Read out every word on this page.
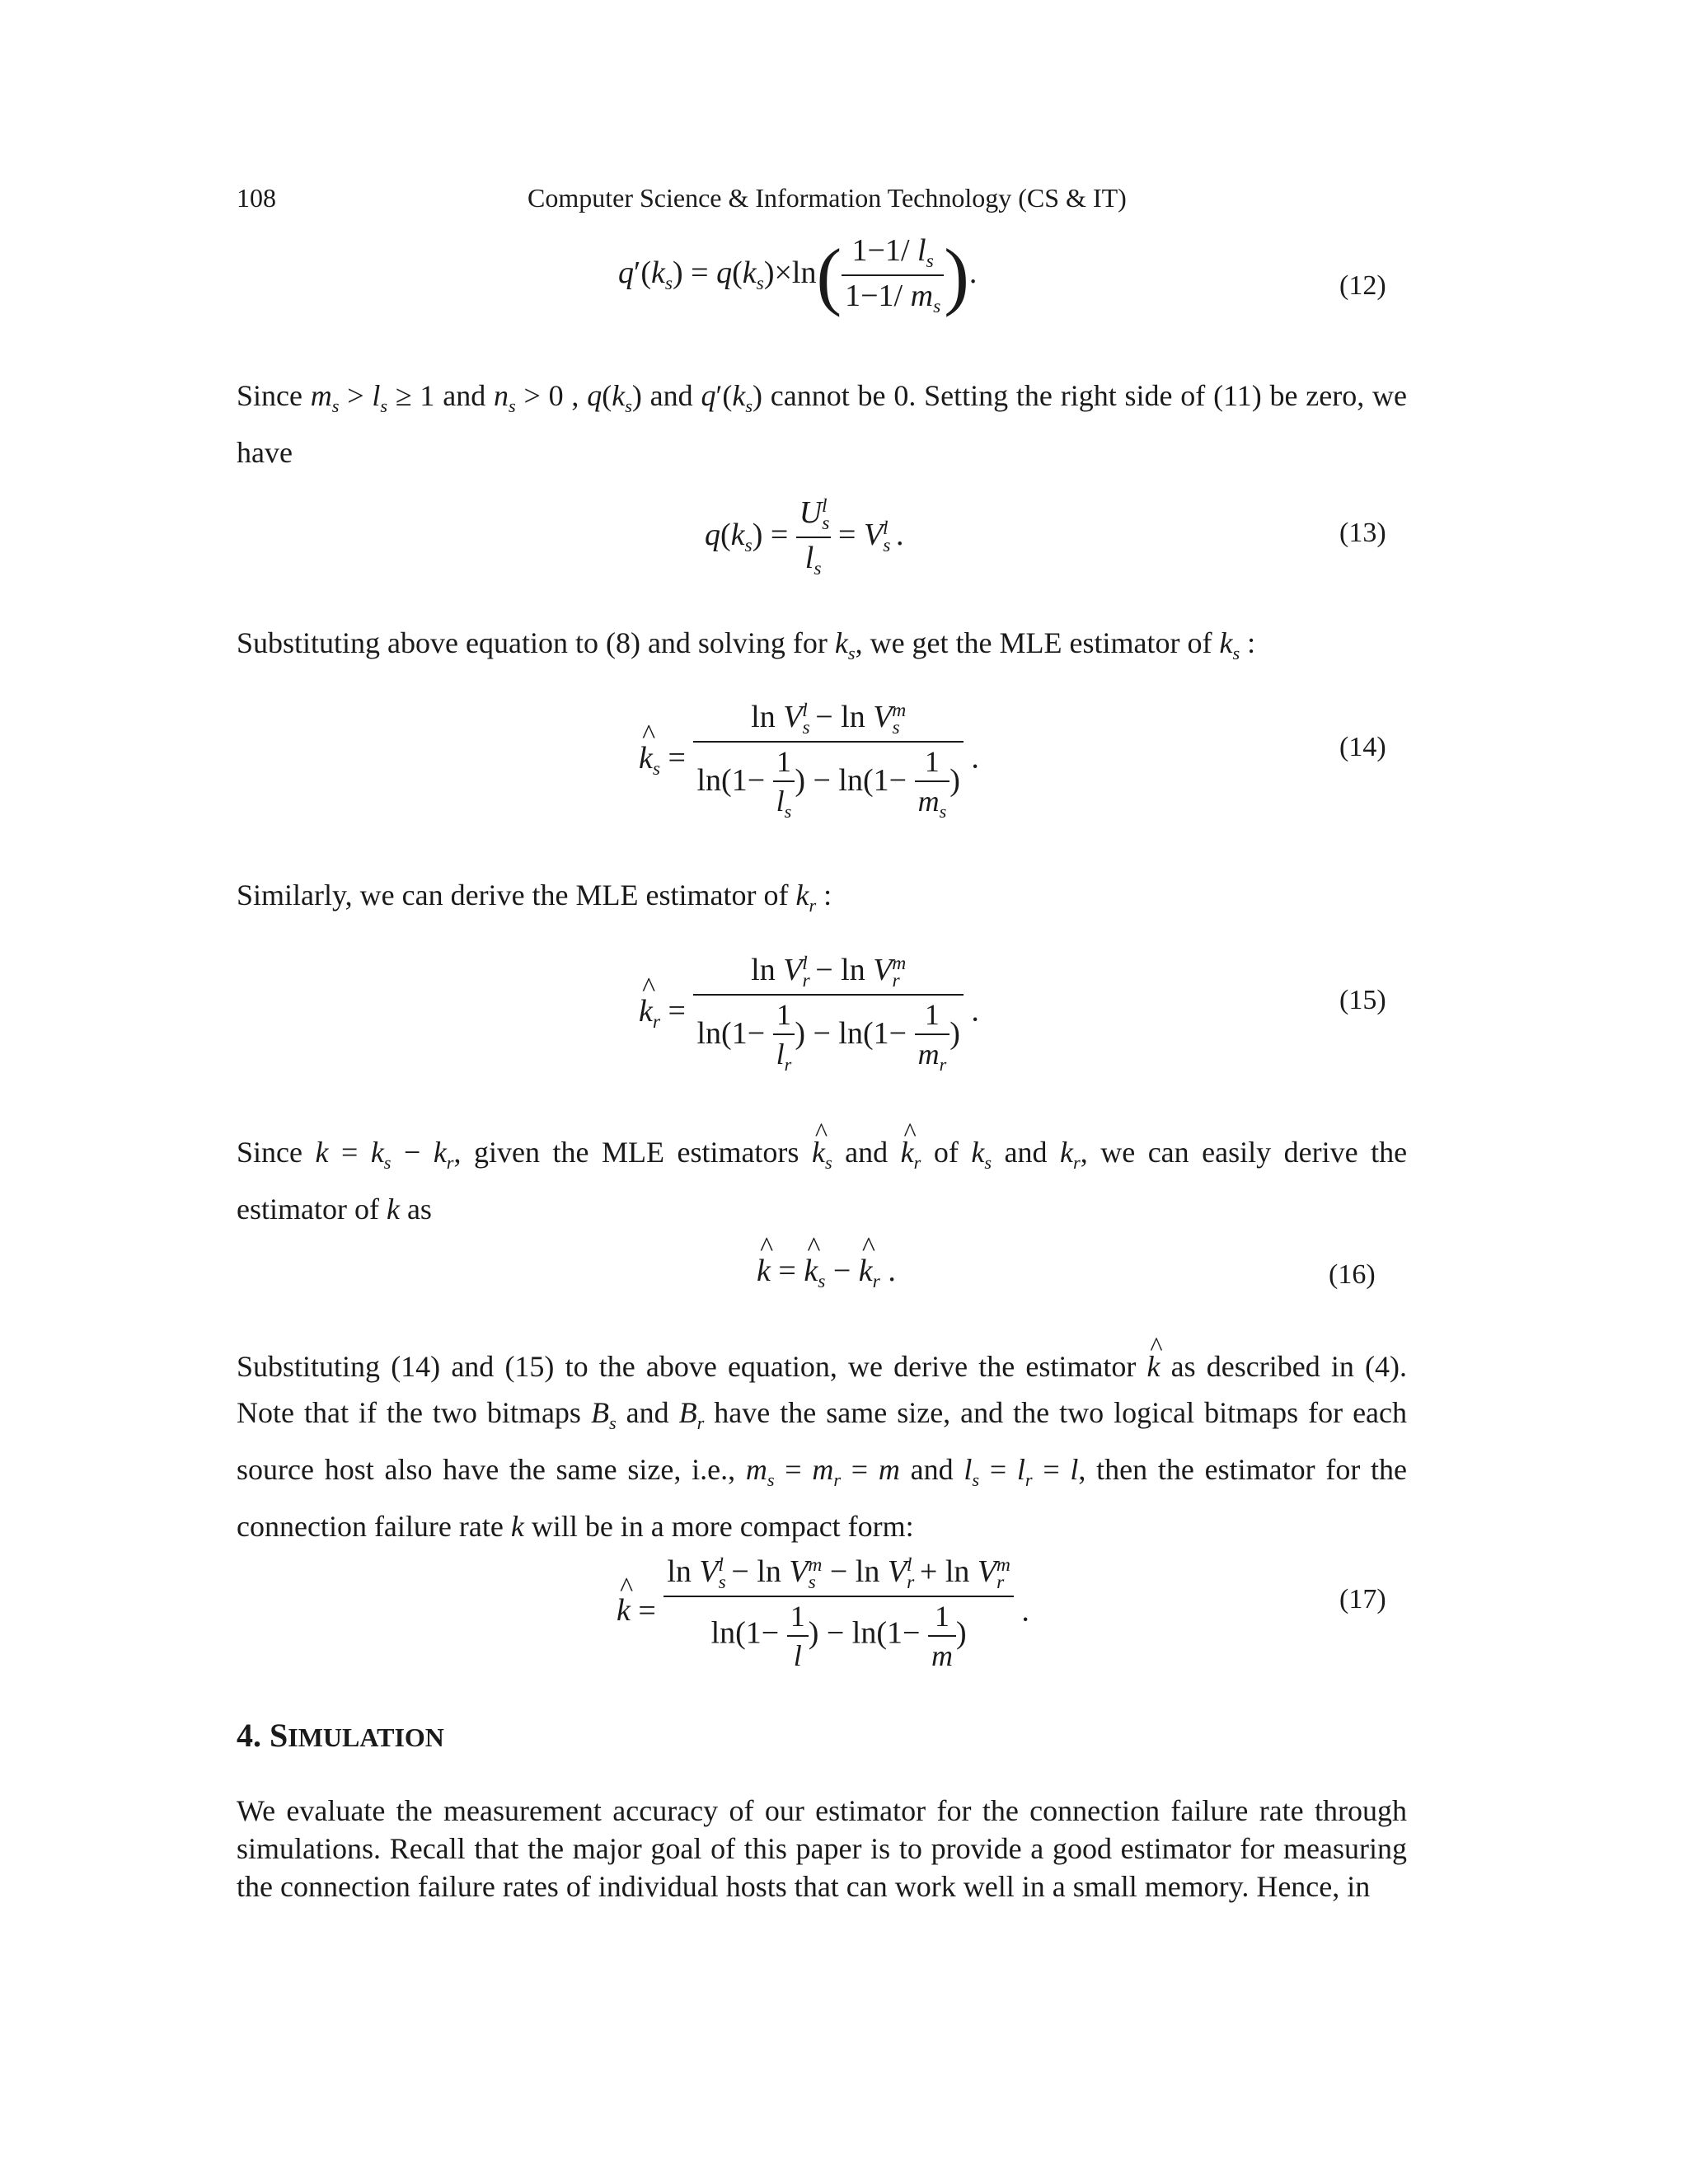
108	Computer Science & Information Technology (CS & IT)
$q'(k_s) = q(k_s)\times\ln( \frac{1-1/ l_s}{1-1/ m_s}$ ).	(12)
Since $m_s > l_s \ge 1$ and $n_s > 0$ , $q(k_s)$ and $q'(k_s)$ cannot be 0. Setting the right side of (11) be zero, we have
$q(k_s) = \frac{U_s^l}{l_s} = V_s^l$ .	(13)
Substituting above equation to (8) and solving for $k_s$, we get the MLE estimator of $k_s$ :
^ $k_s = \frac{\ln V_s^l - \ln V_s^m}{\ln(1- \frac{1}{l_s} ) - \ln(1- \frac{1}{m_s} )}$ .	(14)
Similarly, we can derive the MLE estimator of $k_r$ :
^ $k_r = \frac{\ln V_r^l - \ln V_r^m}{\ln(1- \frac{1}{l_r} ) - \ln(1- \frac{1}{m_r} )}$ .	(15)
Since $k = k_s - k_r$, given the MLE estimators ^ $k_s$ and ^ $k_r$ of $k_s$ and $k_r$, we can easily derive the estimator of k as
^ k = ^ $k_s$ − ^ $k_r$ .	(16)
Substituting (14) and (15) to the above equation, we derive the estimator ^ k as described in (4). Note that if the two bitmaps $B_s$ and $B_r$ have the same size, and the two logical bitmaps for each source host also have the same size, i.e., $m_s = m_r = m$ and $l_s = l_r = l$, then the estimator for the connection failure rate k will be in a more compact form:
^ $k = \frac{\ln V_s^l - \ln V_s^m - \ln V_r^l + \ln V_r^m}{\ln(1- \frac{1}{l} ) - \ln(1- \frac{1}{m} )}$ .	(17)
4. SIMULATION
We evaluate the measurement accuracy of our estimator for the connection failure rate through simulations. Recall that the major goal of this paper is to provide a good estimator for measuring the connection failure rates of individual hosts that can work well in a small memory. Hence, in
